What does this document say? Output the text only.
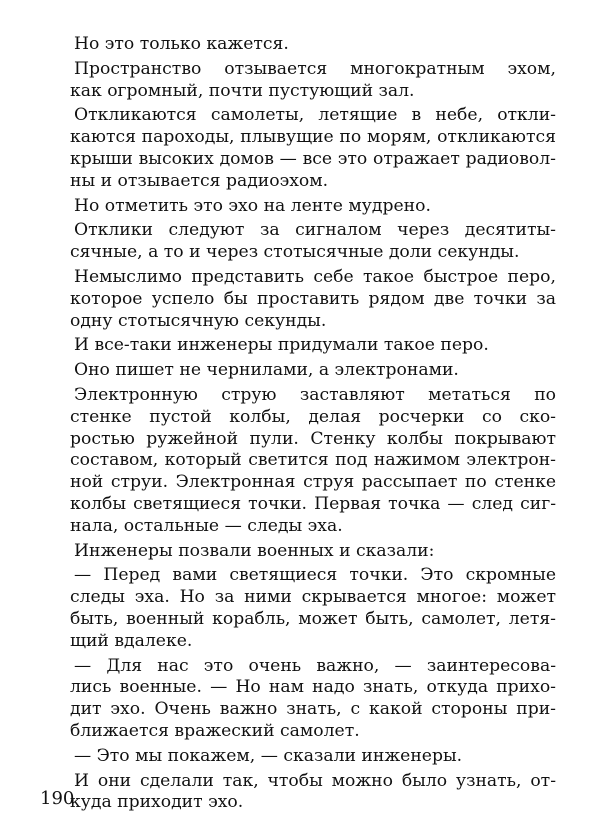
Но это только кажется.
Пространство отзывается многократным эхом,
как огромный, почти пустующий зал.
Откликаются самолеты, летящие в небе, откли-
каются пароходы, плывущие по морям, откликаются
крыши высоких домов — все это отражает радиовол-
ны и отзывается радиоэхом.
Но отметить это эхо на ленте мудрено.
Отклики следуют за сигналом через десятиты-
сячные, а то и через стотысячные доли секунды.
Немыслимо представить себе такое быстрое перо,
которое успело бы проставить рядом две точки за
одну стотысячную секунды.
И все-таки инженеры придумали такое перо.
Оно пишет не чернилами, а электронами.
Электронную струю заставляют метаться по
стенке пустой колбы, делая росчерки со ско-
ростью ружейной пули. Стенку колбы покрывают
составом, который светится под нажимом электрон-
ной струи. Электронная струя рассыпает по стенке
колбы светящиеся точки. Первая точка — след сиг-
нала, остальные — следы эха.
Инженеры позвали военных и сказали:
— Перед вами светящиеся точки. Это скромные
следы эха. Но за ними скрывается многое: может
быть, военный корабль, может быть, самолет, летя-
щий вдалеке.
— Для нас это очень важно, — заинтересова-
лись военные. — Но нам надо знать, откуда прихо-
дит эхо. Очень важно знать, с какой стороны при-
ближается вражеский самолет.
— Это мы покажем, — сказали инженеры.
И они сделали так, чтобы можно было узнать, от-
куда приходит эхо.
190
